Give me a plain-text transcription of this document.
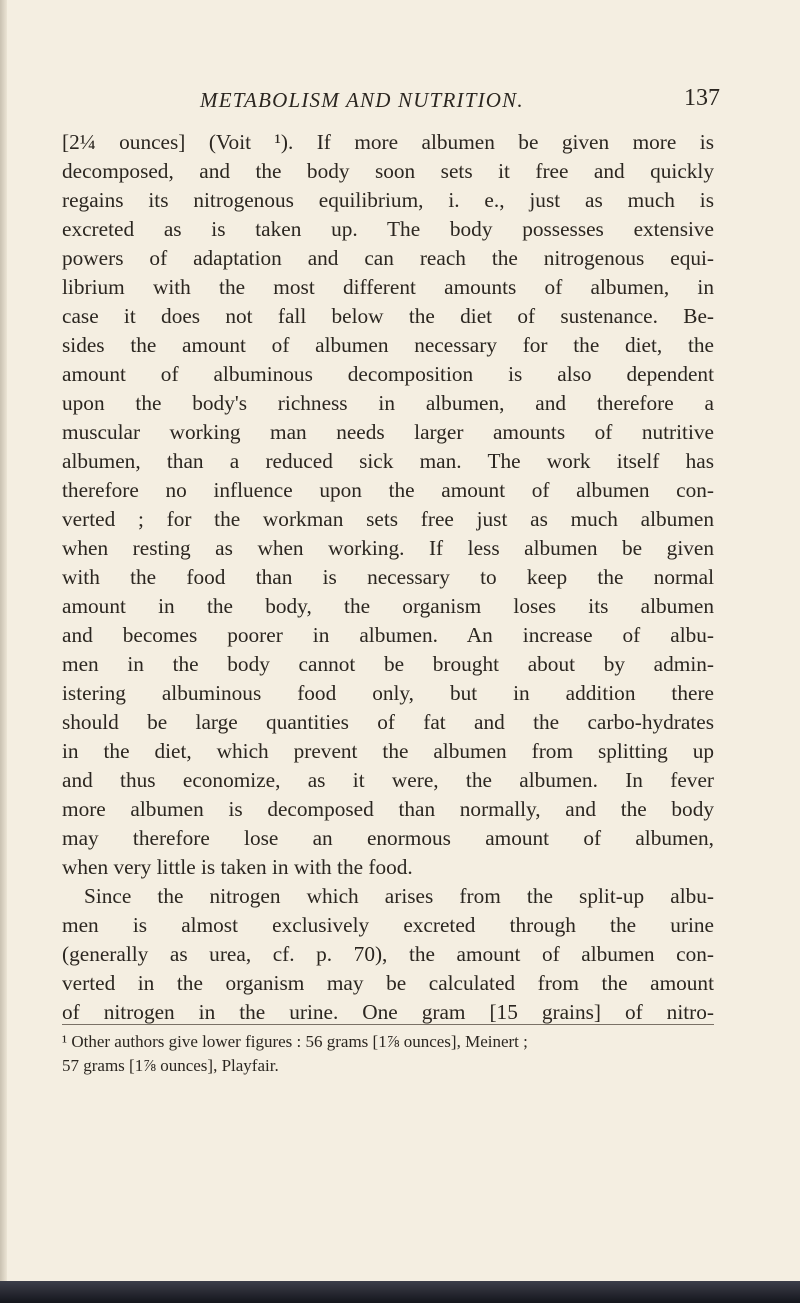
METABOLISM AND NUTRITION.	137
[2¼ ounces] (Voit ¹). If more albumen be given more is
decomposed, and the body soon sets it free and quickly
regains its nitrogenous equilibrium, i. e., just as much is
excreted as is taken up. The body possesses extensive
powers of adaptation and can reach the nitrogenous equi-
librium with the most different amounts of albumen, in
case it does not fall below the diet of sustenance. Be-
sides the amount of albumen necessary for the diet, the
amount of albuminous decomposition is also dependent
upon the body's richness in albumen, and therefore a
muscular working man needs larger amounts of nutritive
albumen, than a reduced sick man. The work itself has
therefore no influence upon the amount of albumen con-
verted ; for the workman sets free just as much albumen
when resting as when working. If less albumen be given
with the food than is necessary to keep the normal
amount in the body, the organism loses its albumen
and becomes poorer in albumen. An increase of albu-
men in the body cannot be brought about by admin-
istering albuminous food only, but in addition there
should be large quantities of fat and the carbo-hydrates
in the diet, which prevent the albumen from splitting up
and thus economize, as it were, the albumen. In fever
more albumen is decomposed than normally, and the body
may therefore lose an enormous amount of albumen,
when very little is taken in with the food.
Since the nitrogen which arises from the split-up albu-
men is almost exclusively excreted through the urine
(generally as urea, cf. p. 70), the amount of albumen con-
verted in the organism may be calculated from the amount
of nitrogen in the urine. One gram [15 grains] of nitro-
¹ Other authors give lower figures : 56 grams [1⅞ ounces], Meinert ;
57 grams [1⅞ ounces], Playfair.
